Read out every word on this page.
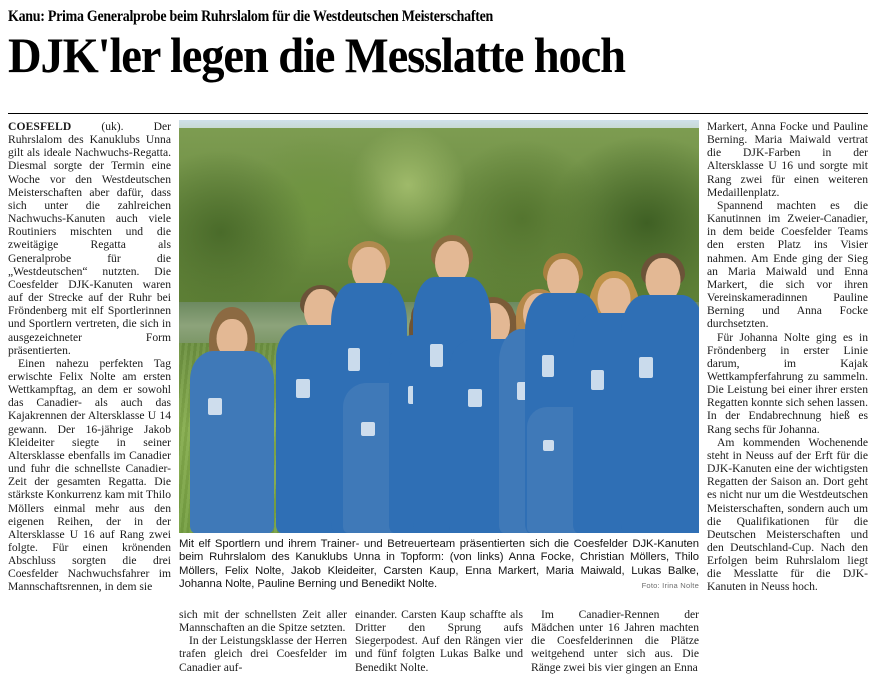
Kanu: Prima Generalprobe beim Ruhrslalom für die Westdeutschen Meisterschaften
DJK'ler legen die Messlatte hoch

COESFELD (uk). Der Ruhrslalom des Kanuklubs Unna gilt als ideale Nachwuchs-Regatta. Diesmal sorgte der Termin eine Woche vor den Westdeutschen Meisterschaften aber dafür, dass sich unter die zahlreichen Nachwuchs-Kanuten auch viele Routiniers mischten und die zweitägige Regatta als Generalprobe für die „Westdeutschen“ nutzten. Die Coesfelder DJK-Kanuten waren auf der Strecke auf der Ruhr bei Fröndenberg mit elf Sportlerinnen und Sportlern vertreten, die sich in ausgezeichneter Form präsentierten.

Einen nahezu perfekten Tag erwischte Felix Nolte am ersten Wettkampftag, an dem er sowohl das Canadier- als auch das Kajakrennen der Altersklasse U 14 gewann. Der 16-jährige Jakob Kleideiter siegte in seiner Altersklasse ebenfalls im Canadier und fuhr die schnellste Canadier-Zeit der gesamten Regatta. Die stärkste Konkurrenz kam mit Thilo Möllers einmal mehr aus den eigenen Reihen, der in der Altersklasse U 16 auf Rang zwei folgte. Für einen krönenden Abschluss sorgten die drei Coesfelder Nachwuchsfahrer im Mannschaftsrennen, in dem sie

Mit elf Sportlern und ihrem Trainer- und Betreuerteam präsentierten sich die Coesfelder DJK-Kanuten beim Ruhrslalom des Kanuklubs Unna in Topform: (von links) Anna Focke, Christian Möllers, Thilo Möllers, Felix Nolte, Jakob Kleideiter, Carsten Kaup, Enna Markert, Maria Maiwald, Lukas Balke, Johanna Nolte, Pauline Berning und Benedikt Nolte.	Foto: Irina Nolte

sich mit der schnellsten Zeit aller Mannschaften an die Spitze setzten.

In der Leistungsklasse der Herren trafen gleich drei Coesfelder im Canadier auf-

einander. Carsten Kaup schaffte als Dritter den Sprung aufs Siegerpodest. Auf den Rängen vier und fünf folgten Lukas Balke und Benedikt Nolte.

Im Canadier-Rennen der Mädchen unter 16 Jahren machten die Coesfelderinnen die Plätze weitgehend unter sich aus. Die Ränge zwei bis vier gingen an Enna

Markert, Anna Focke und Pauline Berning. Maria Maiwald vertrat die DJK-Farben in der Altersklasse U 16 und sorgte mit Rang zwei für einen weiteren Medaillenplatz.

Spannend machten es die Kanutinnen im Zweier-Canadier, in dem beide Coesfelder Teams den ersten Platz ins Visier nahmen. Am Ende ging der Sieg an Maria Maiwald und Enna Markert, die sich vor ihren Vereinskameradinnen Pauline Berning und Anna Focke durchsetzten.

Für Johanna Nolte ging es in Fröndenberg in erster Linie darum, im Kajak Wettkampferfahrung zu sammeln. Die Leistung bei einer ihrer ersten Regatten konnte sich sehen lassen. In der Endabrechnung hieß es Rang sechs für Johanna.

Am kommenden Wochenende steht in Neuss auf der Erft für die DJK-Kanuten eine der wichtigsten Regatten der Saison an. Dort geht es nicht nur um die Westdeutschen Meisterschaften, sondern auch um die Qualifikationen für die Deutschen Meisterschaften und den Deutschland-Cup. Nach den Erfolgen beim Ruhrslalom liegt die Messlatte für die DJK-Kanuten in Neuss hoch.
